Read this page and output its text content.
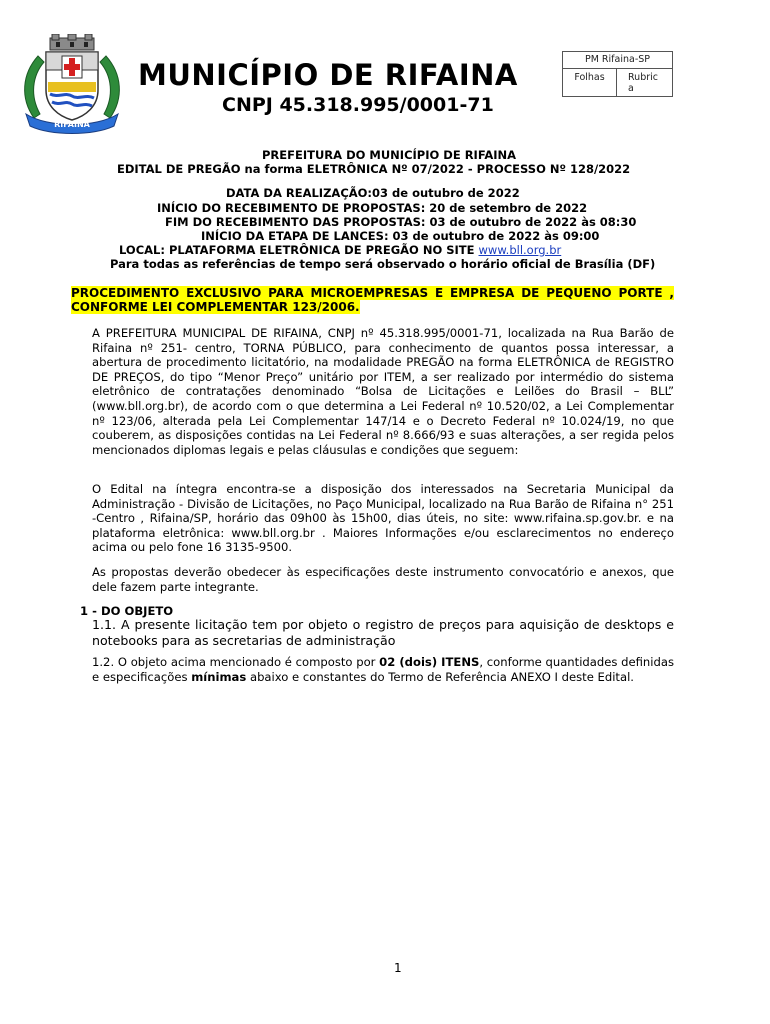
RIFAINA
MUNICÍPIO DE RIFAINA
CNPJ 45.318.995/0001-71
PM Rifaina-SP
Folhas	Rubric
a
PREFEITURA DO MUNICÍPIO DE RIFAINA
EDITAL DE PREGÃO na forma ELETRÔNICA Nº 07/2022 - PROCESSO Nº 128/2022
DATA DA REALIZAÇÃO:03 de outubro de 2022
INÍCIO DO RECEBIMENTO DE PROPOSTAS: 20 de setembro de 2022
FIM DO RECEBIMENTO DAS PROPOSTAS: 03 de outubro de 2022 às 08:30
INÍCIO DA ETAPA DE LANCES: 03 de outubro de 2022 às 09:00
LOCAL: PLATAFORMA ELETRÔNICA DE PREGÃO NO SITE www.bll.org.br
Para todas as referências de tempo será observado o horário oficial de Brasília (DF)
PROCEDIMENTO EXCLUSIVO PARA MICROEMPRESAS E EMPRESA DE PEQUENO PORTE , CONFORME LEI COMPLEMENTAR 123/2006.
A PREFEITURA MUNICIPAL DE RIFAINA, CNPJ nº 45.318.995/0001-71, localizada na Rua Barão de Rifaina nº 251- centro, TORNA PÚBLICO, para conhecimento de quantos possa interessar, a abertura de procedimento licitatório, na modalidade PREGÃO na forma ELETRÔNICA de REGISTRO DE PREÇOS, do tipo “Menor Preço” unitário por ITEM, a ser realizado por intermédio do sistema eletrônico de contratações denominado “Bolsa de Licitações e Leilões do Brasil – BLL” (www.bll.org.br), de acordo com o que determina a Lei Federal nº 10.520/02, a Lei Complementar nº 123/06, alterada pela Lei Complementar 147/14 e o Decreto Federal nº 10.024/19, no que couberem, as disposições contidas na Lei Federal nº 8.666/93 e suas alterações, a ser regida pelos mencionados diplomas legais e pelas cláusulas e condições que seguem:
O Edital na íntegra encontra-se a disposição dos interessados na Secretaria Municipal da Administração - Divisão de Licitações, no Paço Municipal, localizado na Rua Barão de Rifaina n° 251 -Centro , Rifaina/SP, horário das 09h00 às 15h00, dias úteis, no site: www.rifaina.sp.gov.br. e na plataforma eletrônica: www.bll.org.br . Maiores Informações e/ou esclarecimentos no endereço acima ou pelo fone 16 3135-9500.
As propostas deverão obedecer às especificações deste instrumento convocatório e anexos, que dele fazem parte integrante.
1 - DO OBJETO
1.1. A presente licitação tem por objeto o registro de preços para aquisição de desktops e notebooks para as secretarias de administração
1.2. O objeto acima mencionado é composto por 02 (dois) ITENS, conforme quantidades definidas e especificações mínimas abaixo e constantes do Termo de Referência ANEXO I deste Edital.
1
